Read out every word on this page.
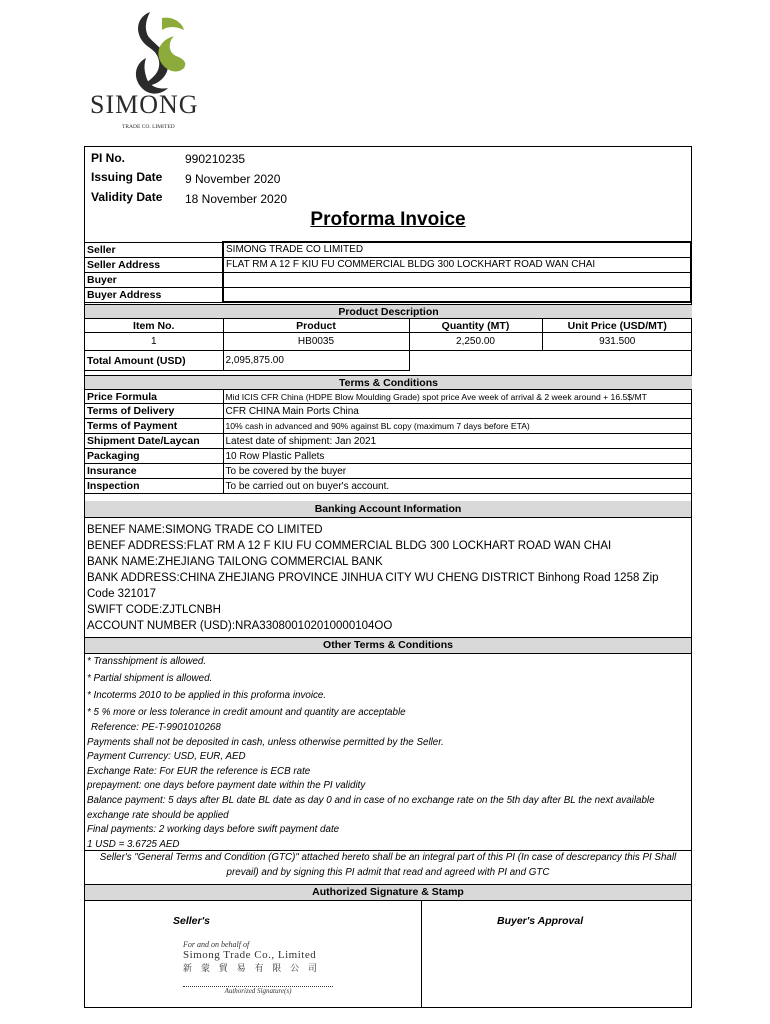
SIMONG
TRADE CO. LIMITED
PI No.	990210235
Issuing Date 9 November 2020
Validity Date 18 November 2020
Proforma Invoice
Seller	SIMONG TRADE CO LIMITED
Seller Address	FLAT RM A 12 F KIU FU COMMERCIAL BLDG 300 LOCKHART ROAD WAN CHAI
Buyer	
Buyer Address	
Product Description			
Item No.	Product	Quantity (MT)	Unit Price (USD/MT)
1	HB0035	2,250.00	931.500
Total Amount (USD)	2,095,875.00		
Terms & Conditions	
Price Formula	Mid ICIS CFR China (HDPE Blow Moulding Grade) spot price Ave week of arrival & 2 week around + 16.5$/MT
Terms of Delivery	CFR CHINA Main Ports China
Terms of Payment	10% cash in advanced and 90% against BL copy (maximum 7 days before ETA)
Shipment Date/Laycan	Latest date of shipment: Jan 2021
Packaging	10 Row Plastic Pallets
Insurance	To be covered by the buyer
Inspection	To be carried out on buyer's account.
Banking Account Information
BENEF NAME:SIMONG TRADE CO LIMITED
BENEF ADDRESS:FLAT RM A 12 F KIU FU COMMERCIAL BLDG 300 LOCKHART ROAD WAN CHAI
BANK NAME:ZHEJIANG TAILONG COMMERCIAL BANK
BANK ADDRESS:CHINA ZHEJIANG PROVINCE JINHUA CITY WU CHENG DISTRICT Binhong Road 1258 Zip Code 321017
SWIFT CODE:ZJTLCNBH
ACCOUNT NUMBER (USD):NRA330800102010000104OO
Other Terms & Conditions
* Transshipment is allowed.
* Partial shipment is allowed.
* Incoterms 2010 to be applied in this proforma invoice.
* 5 % more or less tolerance in credit amount and quantity are acceptable
Reference: PE-T-9901010268
Payments shall not be deposited in cash, unless otherwise permitted by the Seller.
Payment Currency: USD, EUR, AED
Exchange Rate: For EUR the reference is ECB rate
prepayment: one days before payment date within the PI validity
Balance payment: 5 days after BL date BL date as day 0 and in case of no exchange rate on the 5th day after BL the next available exchange rate should be applied
Final payments: 2 working days before swift payment date
1 USD = 3.6725 AED
Seller's "General Terms and Condition (GTC)" attached hereto shall be an integral part of this PI (In case of descrepancy this PI Shall prevail) and by signing this PI admit that read and agreed with PI and GTC
Authorized Signature & Stamp
Seller's
For and on behalf of
Simong Trade Co., Limited
新 蒙 貿 易 有 限 公 司
Authorized Signature(s)
Buyer's Approval
